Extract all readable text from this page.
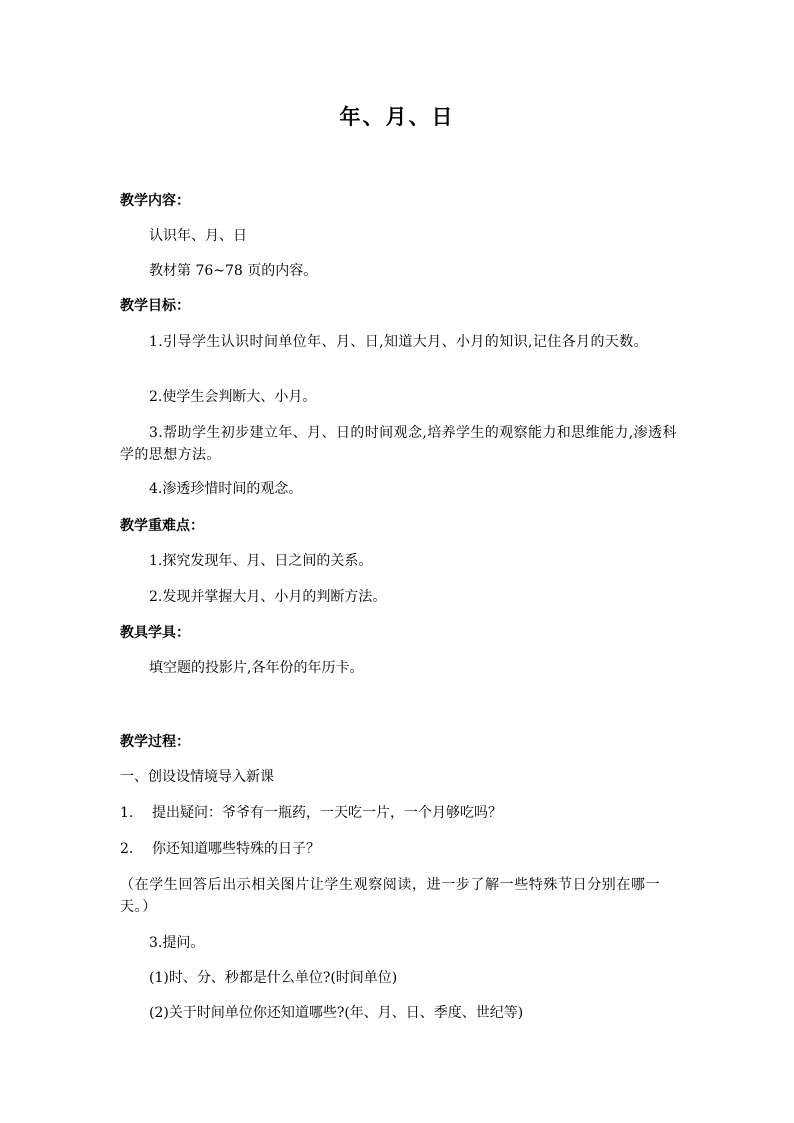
年、月、日
教学内容：
认识年、月、日
教材第 76~78 页的内容。
教学目标：
1.引导学生认识时间单位年、月、日,知道大月、小月的知识,记住各月的天数。
2.使学生会判断大、小月。
3.帮助学生初步建立年、月、日的时间观念,培养学生的观察能力和思维能力,渗透科学的思想方法。
4.渗透珍惜时间的观念。
教学重难点：
1.探究发现年、月、日之间的关系。
2.发现并掌握大月、小月的判断方法。
教具学具：
填空题的投影片,各年份的年历卡。
教学过程：
一、创设设情境导入新课
1. 提出疑问：爷爷有一瓶药，一天吃一片，一个月够吃吗？
2. 你还知道哪些特殊的日子？
（在学生回答后出示相关图片让学生观察阅读，进一步了解一些特殊节日分别在哪一天。）
3.提问。
(1)时、分、秒都是什么单位?(时间单位)
(2)关于时间单位你还知道哪些?(年、月、日、季度、世纪等)
